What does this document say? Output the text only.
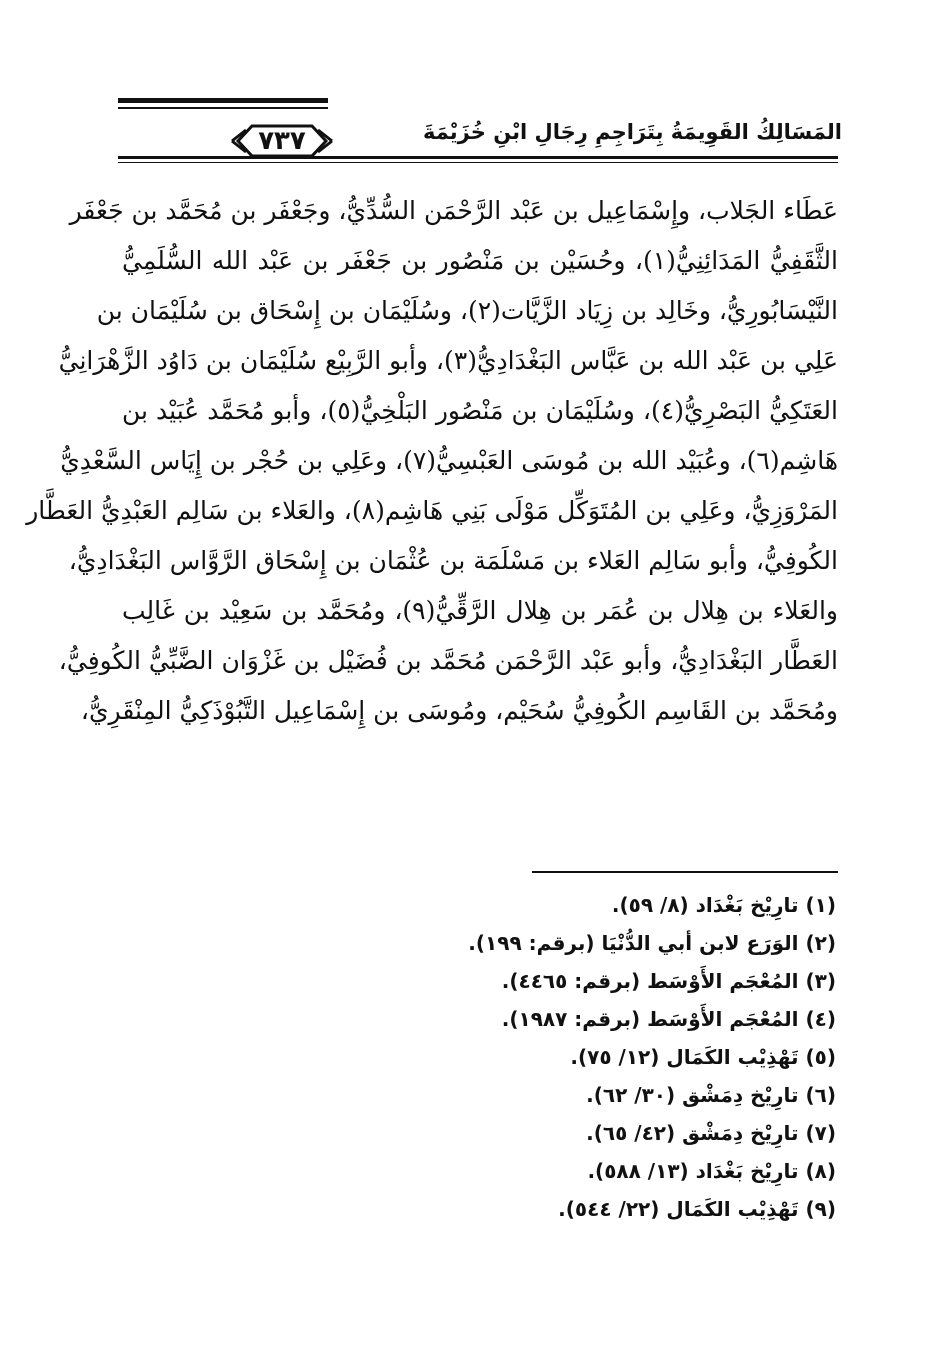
٧٣٧	المَسَالِكُ القَوِيمَةُ بِتَرَاجِمِ رِجَالِ ابْنِ خُزَيْمَةَ
عَطَاء الجَلاب، وإِسْمَاعِيل بن عَبْد الرَّحْمَن السُّدِّيُّ، وجَعْفَر بن مُحَمَّد بن جَعْفَر
الثَّقَفِيُّ المَدَائِنِيُّ(١)، وحُسَيْن بن مَنْصُور بن جَعْفَر بن عَبْد الله السُّلَمِيُّ
النَّيْسَابُورِيُّ، وخَالِد بن زِيَاد الزَّيَّات(٢)، وسُلَيْمَان بن إِسْحَاق بن سُلَيْمَان بن
عَلِي بن عَبْد الله بن عَبَّاس البَغْدَادِيُّ(٣)، وأبو الرَّبِيْع سُلَيْمَان بن دَاوُد الزَّهْرَانِيُّ
العَتَكِيُّ البَصْرِيُّ(٤)، وسُلَيْمَان بن مَنْصُور البَلْخِيُّ(٥)، وأبو مُحَمَّد عُبَيْد بن
هَاشِم(٦)، وعُبَيْد الله بن مُوسَى العَبْسِيُّ(٧)، وعَلِي بن حُجْر بن إِيَاس السَّعْدِيُّ
المَرْوَزِيُّ، وعَلِي بن المُتَوَكِّل مَوْلَى بَنِي هَاشِم(٨)، والعَلاء بن سَالِم العَبْدِيُّ العَطَّار
الكُوفِيُّ، وأبو سَالِم العَلاء بن مَسْلَمَة بن عُثْمَان بن إِسْحَاق الرَّوَّاس البَغْدَادِيُّ،
والعَلاء بن هِلال بن عُمَر بن هِلال الرَّقِّيُّ(٩)، ومُحَمَّد بن سَعِيْد بن غَالِب
العَطَّار البَغْدَادِيُّ، وأبو عَبْد الرَّحْمَن مُحَمَّد بن فُضَيْل بن غَزْوَان الضَّبِّيُّ الكُوفِيُّ،
ومُحَمَّد بن القَاسِم الكُوفِيُّ سُحَيْم، ومُوسَى بن إِسْمَاعِيل التَّبُوْذَكِيُّ المِنْقَرِيُّ،
(١) تارِيْخ بَغْدَاد (٨/ ٥٩).
(٢) الوَرَع لابن أبي الدُّنْيَا (برقم: ١٩٩).
(٣) المُعْجَم الأَوْسَط (برقم: ٤٤٦٥).
(٤) المُعْجَم الأَوْسَط (برقم: ١٩٨٧).
(٥) تَهْذِيْب الكَمَال (١٢/ ٧٥).
(٦) تارِيْخ دِمَشْق (٣٠/ ٦٢).
(٧) تارِيْخ دِمَشْق (٤٢/ ٦٥).
(٨) تارِيْخ بَغْدَاد (١٣/ ٥٨٨).
(٩) تَهْذِيْب الكَمَال (٢٢/ ٥٤٤).
